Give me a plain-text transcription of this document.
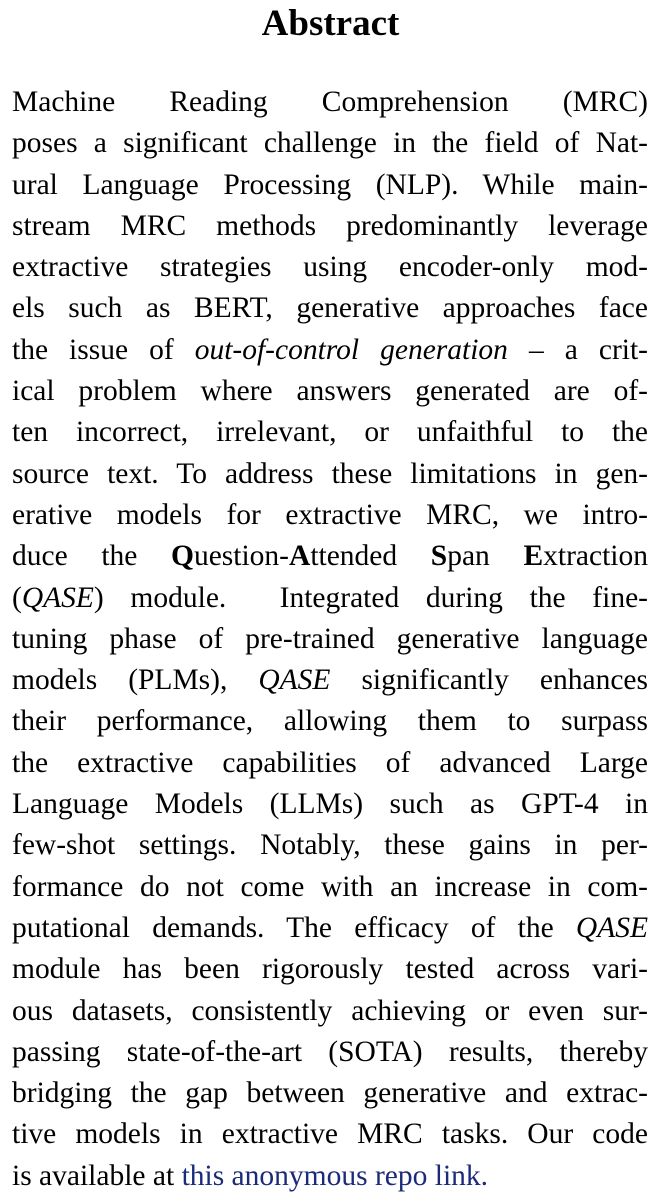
Abstract
Machine Reading Comprehension (MRC)
poses a significant challenge in the field of Nat-
ural Language Processing (NLP). While main-
stream MRC methods predominantly leverage
extractive strategies using encoder-only mod-
els such as BERT, generative approaches face
the issue of out-of-control generation – a crit-
ical problem where answers generated are of-
ten incorrect, irrelevant, or unfaithful to the
source text. To address these limitations in gen-
erative models for extractive MRC, we intro-
duce the Question-Attended Span Extraction
(QASE) module.  Integrated during the fine-
tuning phase of pre-trained generative language
models (PLMs), QASE significantly enhances
their performance, allowing them to surpass
the extractive capabilities of advanced Large
Language Models (LLMs) such as GPT-4 in
few-shot settings. Notably, these gains in per-
formance do not come with an increase in com-
putational demands. The efficacy of the QASE
module has been rigorously tested across vari-
ous datasets, consistently achieving or even sur-
passing state-of-the-art (SOTA) results, thereby
bridging the gap between generative and extrac-
tive models in extractive MRC tasks. Our code
is available at this anonymous repo link.
